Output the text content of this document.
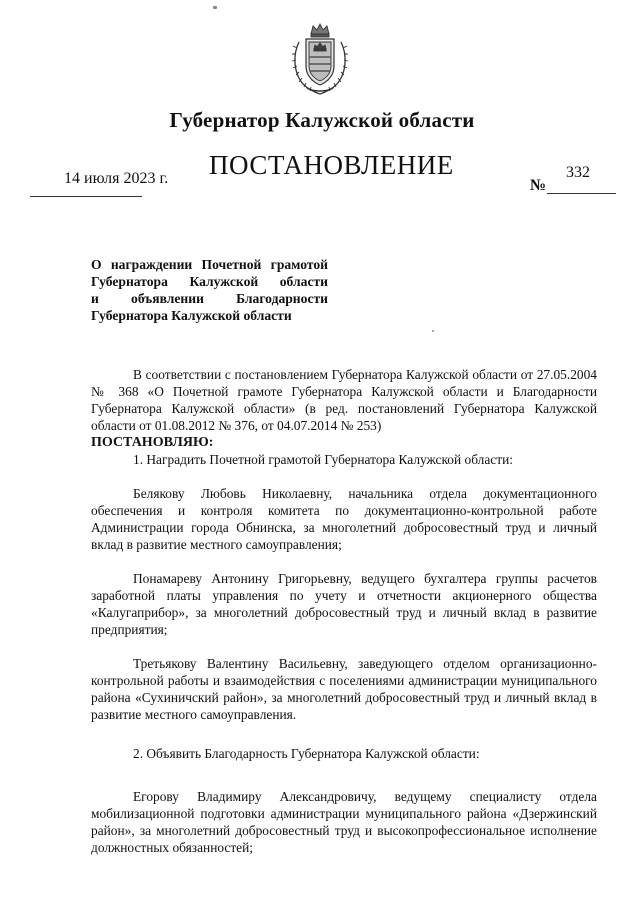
Губернатор Калужской области
ПОСТАНОВЛЕНИЕ
14 июля 2023 г.	332
№
О награждении Почетной грамотой
Губернатора Калужской области
и объявлении Благодарности
Губернатора Калужской области
В соответствии с постановлением Губернатора Калужской области от 27.05.2004 № 368 «О Почетной грамоте Губернатора Калужской области и Благодарности Губернатора Калужской области» (в ред. постановлений Губернатора Калужской области от 01.08.2012 № 376, от 04.07.2014 № 253)
ПОСТАНОВЛЯЮ:
1. Наградить Почетной грамотой Губернатора Калужской области:
Белякову Любовь Николаевну, начальника отдела документационного обеспечения и контроля комитета по документационно-контрольной работе Администрации города Обнинска, за многолетний добросовестный труд и личный вклад в развитие местного самоуправления;
Понамареву Антонину Григорьевну, ведущего бухгалтера группы расчетов заработной платы управления по учету и отчетности акционерного общества «Калугаприбор», за многолетний добросовестный труд и личный вклад в развитие предприятия;
Третьякову Валентину Васильевну, заведующего отделом организационно-контрольной работы и взаимодействия с поселениями администрации муниципального района «Сухиничский район», за многолетний добросовестный труд и личный вклад в развитие местного самоуправления.
2. Объявить Благодарность Губернатора Калужской области:
Егорову Владимиру Александровичу, ведущему специалисту отдела мобилизационной подготовки администрации муниципального района «Дзержинский район», за многолетний добросовестный труд и высокопрофессиональное исполнение должностных обязанностей;
